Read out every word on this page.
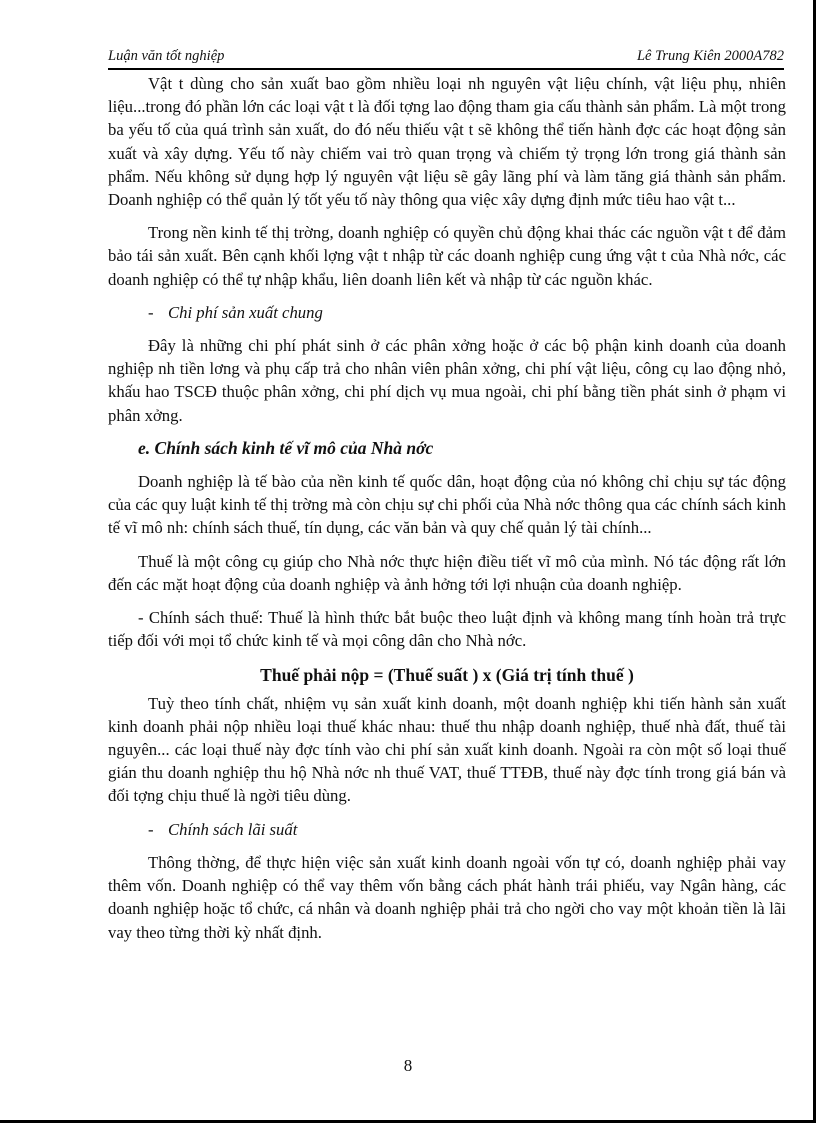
Luận văn tốt nghiệp	Lê Trung Kiên 2000A782

Vật t dùng cho sản xuất bao gồm nhiều loại nh nguyên vật liệu chính, vật liệu phụ, nhiên liệu...trong đó phần lớn các loại vật t là đối tợng lao động tham gia cấu thành sản phẩm. Là một trong ba yếu tố của quá trình sản xuất, do đó nếu thiếu vật t sẽ không thể tiến hành đợc các hoạt động sản xuất và xây dựng. Yếu tố này chiếm vai trò quan trọng và chiếm tỷ trọng lớn trong giá thành sản phẩm. Nếu không sử dụng hợp lý nguyên vật liệu sẽ gây lãng phí và làm tăng giá thành sản phẩm. Doanh nghiệp có thể quản lý tốt yếu tố này thông qua việc xây dựng định mức tiêu hao vật t...

Trong nền kinh tế thị trờng, doanh nghiệp có quyền chủ động khai thác các nguồn vật t để đảm bảo tái sản xuất. Bên cạnh khối lợng vật t nhập từ các doanh nghiệp cung ứng vật t của Nhà nớc, các doanh nghiệp có thể tự nhập khẩu, liên doanh liên kết và nhập từ các nguồn khác.

- Chi phí sản xuất chung

Đây là những chi phí phát sinh ở các phân xởng hoặc ở các bộ phận kinh doanh của doanh nghiệp nh tiền lơng và phụ cấp trả cho nhân viên phân xởng, chi phí vật liệu, công cụ lao động nhỏ, khấu hao TSCĐ thuộc phân xởng, chi phí dịch vụ mua ngoài, chi phí bằng tiền phát sinh ở phạm vi phân xởng.

e. Chính sách kinh tế vĩ mô của Nhà nớc

Doanh nghiệp là tế bào của nền kinh tế quốc dân, hoạt động của nó không chỉ chịu sự tác động của các quy luật kinh tế thị trờng mà còn chịu sự chi phối của Nhà nớc thông qua các chính sách kinh tế vĩ mô nh: chính sách thuế, tín dụng, các văn bản và quy chế quản lý tài chính...

Thuế là một công cụ giúp cho Nhà nớc thực hiện điều tiết vĩ mô của mình. Nó tác động rất lớn đến các mặt hoạt động của doanh nghiệp và ảnh hởng tới lợi nhuận của doanh nghiệp.

- Chính sách thuế: Thuế là hình thức bắt buộc theo luật định và không mang tính hoàn trả trực tiếp đối với mọi tổ chức kinh tế và mọi công dân cho Nhà nớc.

Thuế phải nộp = (Thuế suất ) x (Giá trị tính thuế )

Tuỳ theo tính chất, nhiệm vụ sản xuất kinh doanh, một doanh nghiệp khi tiến hành sản xuất kinh doanh phải nộp nhiều loại thuế khác nhau: thuế thu nhập doanh nghiệp, thuế nhà đất, thuế tài nguyên... các loại thuế này đợc tính vào chi phí sản xuất kinh doanh. Ngoài ra còn một số loại thuế gián thu doanh nghiệp thu hộ Nhà nớc nh thuế VAT, thuế TTĐB, thuế này đợc tính trong giá bán và đối tợng chịu thuế là ngời tiêu dùng.

- Chính sách lãi suất

Thông thờng, để thực hiện việc sản xuất kinh doanh ngoài vốn tự có, doanh nghiệp phải vay thêm vốn. Doanh nghiệp có thể vay thêm vốn bằng cách phát hành trái phiếu, vay Ngân hàng, các doanh nghiệp hoặc tổ chức, cá nhân và doanh nghiệp phải trả cho ngời cho vay một khoản tiền là lãi vay theo từng thời kỳ nhất định.

8
